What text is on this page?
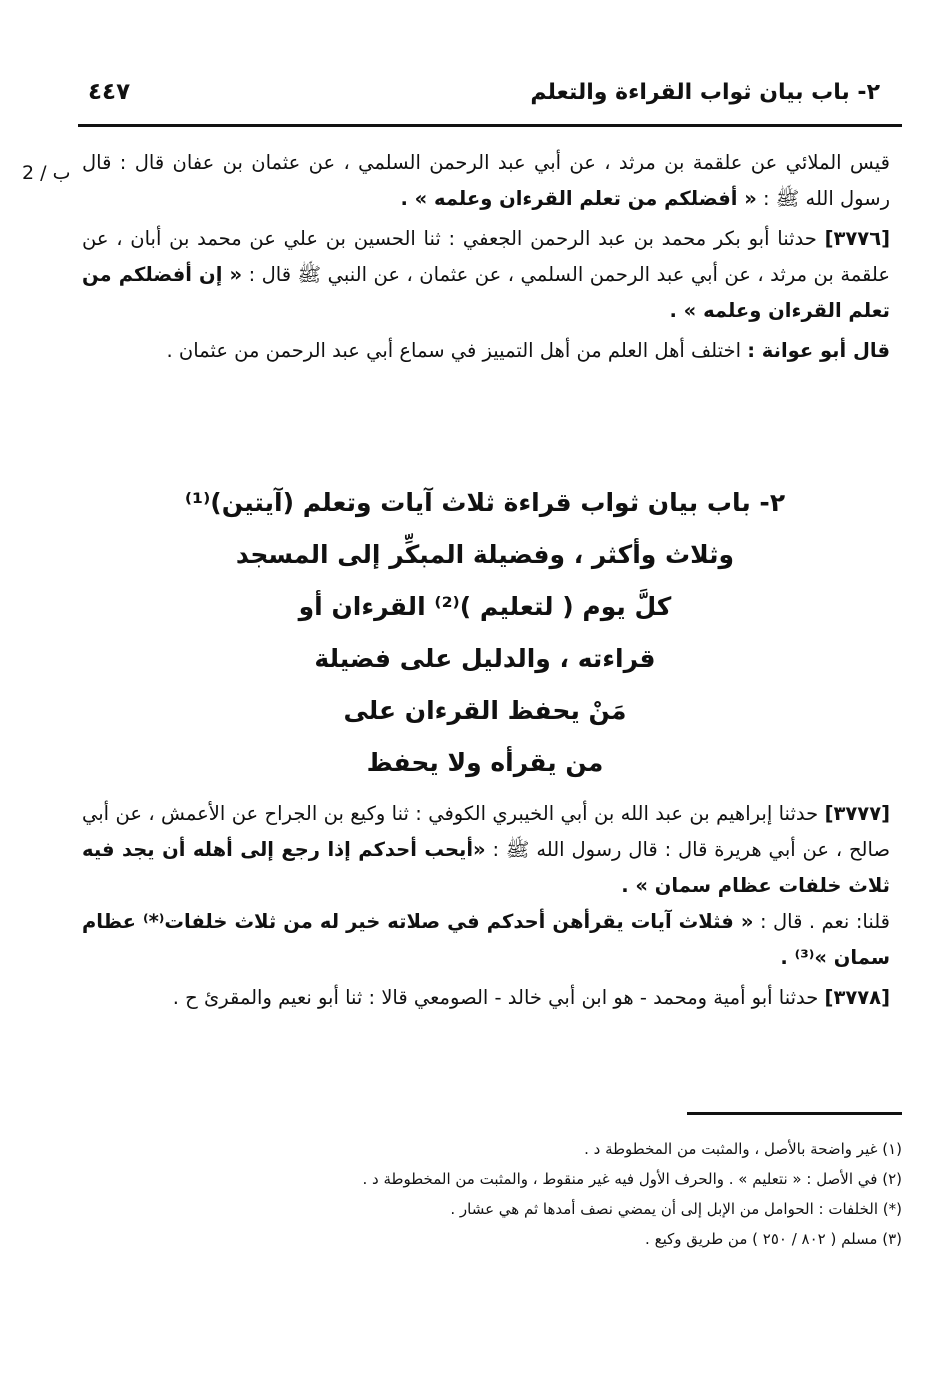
٢- باب بيان ثواب القراءة والتعلم
٤٤٧
2 / ب	قيس الملائي عن علقمة بن مرثد ، عن أبي عبد الرحمن السلمي ، عن عثمان بن عفان قال : قال رسول الله ﷺ : « أفضلكم من تعلم القرءان وعلمه » .

[٣٧٧٦] حدثنا أبو بكر محمد بن عبد الرحمن الجعفي : ثنا الحسين بن علي عن محمد بن أبان ، عن علقمة بن مرثد ، عن أبي عبد الرحمن السلمي ، عن عثمان ، عن النبي ﷺ قال : « إن أفضلكم من تعلم القرءان وعلمه » .

قال أبو عوانة : اختلف أهل العلم من أهل التمييز في سماع أبي عبد الرحمن من عثمان .

٢- باب بيان ثواب قراءة ثلاث آيات وتعلم (آيتين)⁽¹⁾
وثلاث وأكثر ، وفضيلة المبكِّر إلى المسجد
كلَّ يوم ( لتعليم )⁽²⁾ القرءان أو
قراءته ، والدليل على فضيلة
مَنْ يحفظ القرءان على
من يقرأه ولا يحفظ

[٣٧٧٧] حدثنا إبراهيم بن عبد الله بن أبي الخيبري الكوفي : ثنا وكيع بن الجراح عن الأعمش ، عن أبي صالح ، عن أبي هريرة قال : قال رسول الله ﷺ : «أيحب أحدكم إذا رجع إلى أهله أن يجد فيه ثلاث خلفات عظام سمان » .

قلنا: نعم . قال : « فثلاث آيات يقرأهن أحدكم في صلاته خير له من ثلاث خلفات⁽*⁾ عظام سمان »⁽³⁾ .

[٣٧٧٨] حدثنا أبو أمية ومحمد - هو ابن أبي خالد - الصومعي قالا : ثنا أبو نعيم والمقرئ ح .

(١) غير واضحة بالأصل ، والمثبت من المخطوطة د .

(٢) في الأصل : « نتعليم » . والحرف الأول فيه غير منقوط ، والمثبت من المخطوطة د .

(*) الخلفات : الحوامل من الإبل إلى أن يمضي نصف أمدها ثم هي عشار .

(٣) مسلم ( ٨٠٢ / ٢٥٠ ) من طريق وكيع .
